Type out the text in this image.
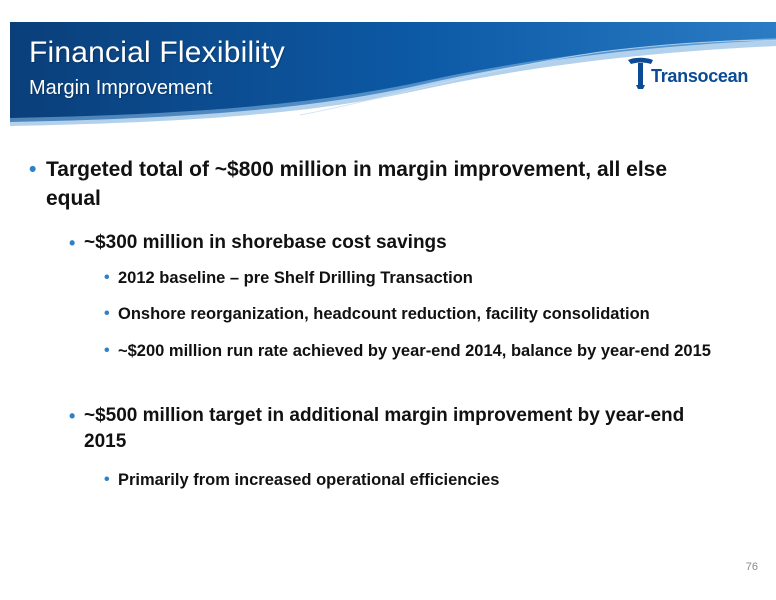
Financial Flexibility
Margin Improvement
Transocean

• Targeted total of ~$800 million in margin improvement, all else equal

• ~$300 million in shorebase cost savings

• 2012 baseline – pre Shelf Drilling Transaction

• Onshore reorganization, headcount reduction, facility consolidation

• ~$200 million run rate achieved by year-end 2014, balance by year-end 2015

• ~$500 million target in additional margin improvement by year-end 2015

• Primarily from increased operational efficiencies

76
